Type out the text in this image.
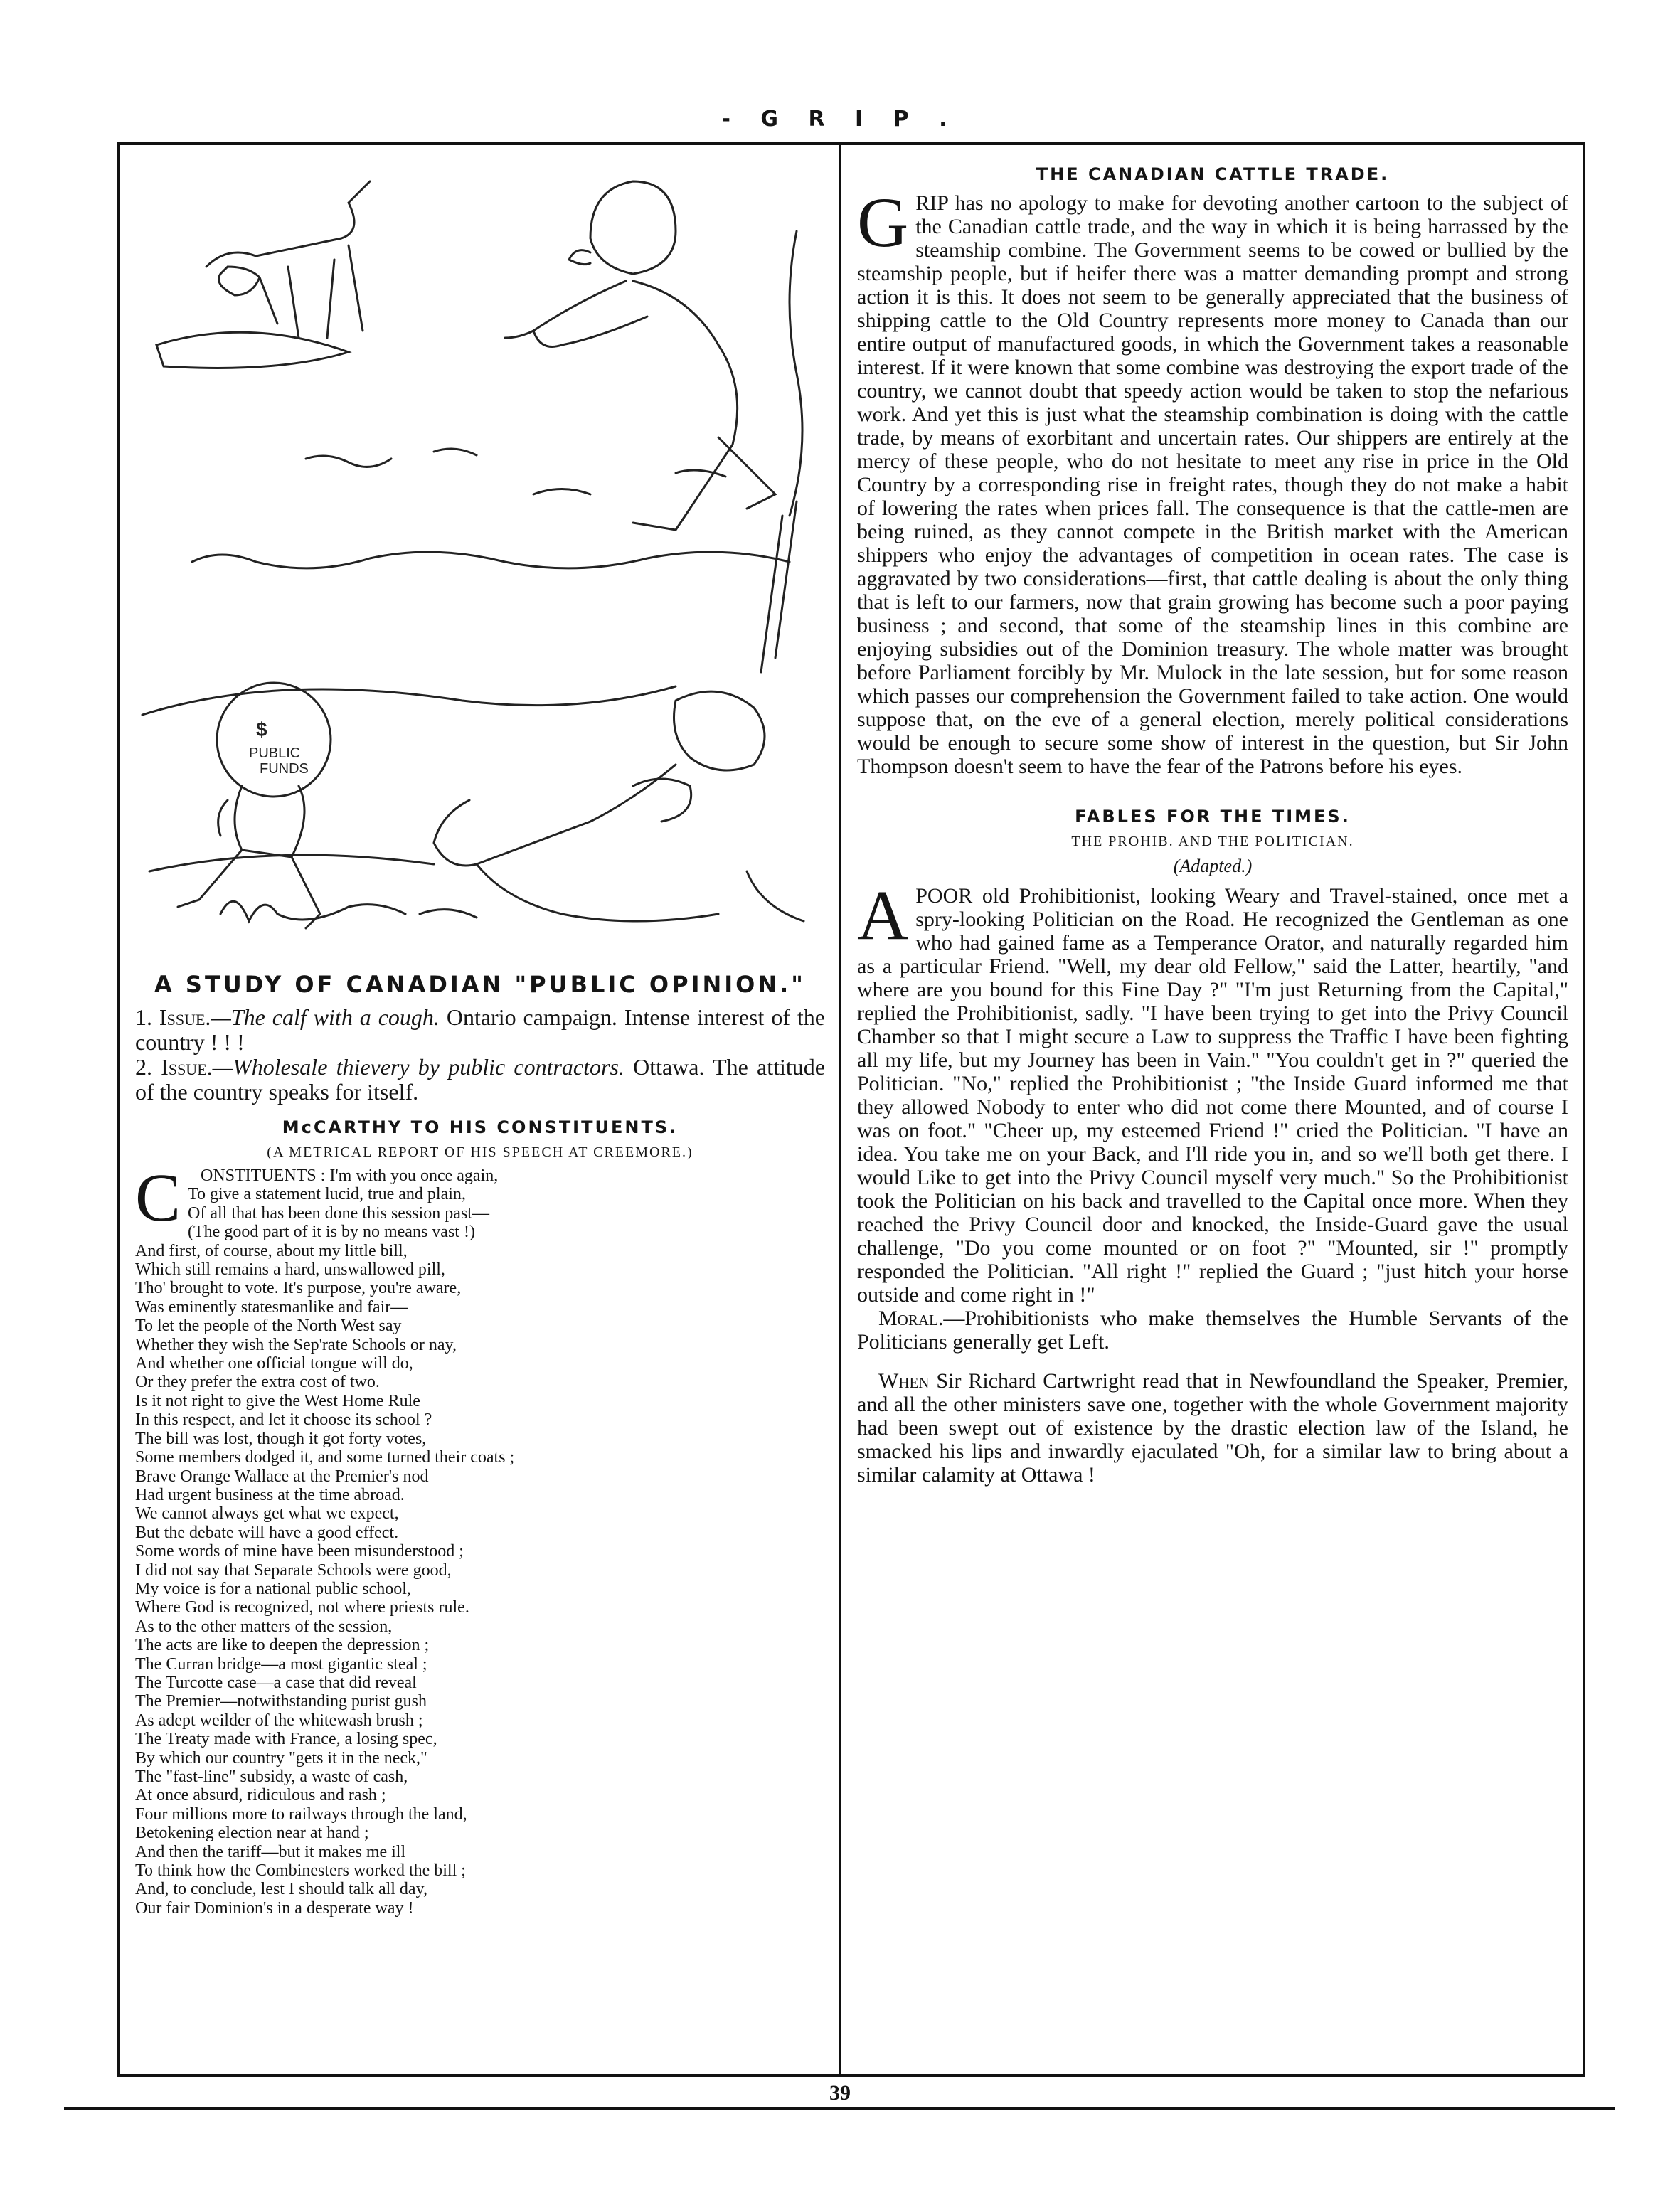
- G R I P .
$
PUBLIC
FUNDS
A STUDY OF CANADIAN "PUBLIC OPINION."

1. Issue.—The calf with a cough. Ontario campaign. Intense interest of the country ! ! !

2. Issue.—Wholesale thievery by public contractors. Ottawa. The attitude of the country speaks for itself.

McCARTHY TO HIS CONSTITUENTS.
(A METRICAL REPORT OF HIS SPEECH AT CREEMORE.)
C	ONSTITUENTS : I'm with you once again,
To give a statement lucid, true and plain,
Of all that has been done this session past—
(The good part of it is by no means vast !)
And first, of course, about my little bill,
Which still remains a hard, unswallowed pill,
Tho' brought to vote. It's purpose, you're aware,
Was eminently statesmanlike and fair—
To let the people of the North West say
Whether they wish the Sep'rate Schools or nay,
And whether one official tongue will do,
Or they prefer the extra cost of two.
Is it not right to give the West Home Rule
In this respect, and let it choose its school ?
The bill was lost, though it got forty votes,
Some members dodged it, and some turned their coats ;
Brave Orange Wallace at the Premier's nod
Had urgent business at the time abroad.
We cannot always get what we expect,
But the debate will have a good effect.
Some words of mine have been misunderstood ;
I did not say that Separate Schools were good,
My voice is for a national public school,
Where God is recognized, not where priests rule.
As to the other matters of the session,
The acts are like to deepen the depression ;
The Curran bridge—a most gigantic steal ;
The Turcotte case—a case that did reveal
The Premier—notwithstanding purist gush
As adept weilder of the whitewash brush ;
The Treaty made with France, a losing spec,
By which our country "gets it in the neck,"
The "fast-line" subsidy, a waste of cash,
At once absurd, ridiculous and rash ;
Four millions more to railways through the land,
Betokening election near at hand ;
And then the tariff—but it makes me ill
To think how the Combinesters worked the bill ;
And, to conclude, lest I should talk all day,
Our fair Dominion's in a desperate way !
THE CANADIAN CATTLE TRADE.

GRIP has no apology to make for devoting another cartoon to the subject of the Canadian cattle trade, and the way in which it is being harrassed by the steamship combine. The Government seems to be cowed or bullied by the steamship people, but if heifer there was a matter demanding prompt and strong action it is this. It does not seem to be generally appreciated that the business of shipping cattle to the Old Country represents more money to Canada than our entire output of manufactured goods, in which the Government takes a reasonable interest. If it were known that some combine was destroying the export trade of the country, we cannot doubt that speedy action would be taken to stop the nefarious work. And yet this is just what the steamship combination is doing with the cattle trade, by means of exorbitant and uncertain rates. Our shippers are entirely at the mercy of these people, who do not hesitate to meet any rise in price in the Old Country by a corresponding rise in freight rates, though they do not make a habit of lowering the rates when prices fall. The consequence is that the cattle-men are being ruined, as they cannot compete in the British market with the American shippers who enjoy the advantages of competition in ocean rates. The case is aggravated by two considerations—first, that cattle dealing is about the only thing that is left to our farmers, now that grain growing has become such a poor paying business ; and second, that some of the steamship lines in this combine are enjoying subsidies out of the Dominion treasury. The whole matter was brought before Parliament forcibly by Mr. Mulock in the late session, but for some reason which passes our comprehension the Government failed to take action. One would suppose that, on the eve of a general election, merely political considerations would be enough to secure some show of interest in the question, but Sir John Thompson doesn't seem to have the fear of the Patrons before his eyes.

FABLES FOR THE TIMES.
THE PROHIB. AND THE POLITICIAN.
(Adapted.)

APOOR old Prohibitionist, looking Weary and Travel-stained, once met a spry-looking Politician on the Road. He recognized the Gentleman as one who had gained fame as a Temperance Orator, and naturally regarded him as a particular Friend. "Well, my dear old Fellow," said the Latter, heartily, "and where are you bound for this Fine Day ?" "I'm just Returning from the Capital," replied the Prohibitionist, sadly. "I have been trying to get into the Privy Council Chamber so that I might secure a Law to suppress the Traffic I have been fighting all my life, but my Journey has been in Vain." "You couldn't get in ?" queried the Politician. "No," replied the Prohibitionist ; "the Inside Guard informed me that they allowed Nobody to enter who did not come there Mounted, and of course I was on foot." "Cheer up, my esteemed Friend !" cried the Politician. "I have an idea. You take me on your Back, and I'll ride you in, and so we'll both get there. I would Like to get into the Privy Council myself very much." So the Prohibitionist took the Politician on his back and travelled to the Capital once more. When they reached the Privy Council door and knocked, the Inside-Guard gave the usual challenge, "Do you come mounted or on foot ?" "Mounted, sir !" promptly responded the Politician. "All right !" replied the Guard ; "just hitch your horse outside and come right in !"

Moral.—Prohibitionists who make themselves the Humble Servants of the Politicians generally get Left.

When Sir Richard Cartwright read that in Newfoundland the Speaker, Premier, and all the other ministers save one, together with the whole Government majority had been swept out of existence by the drastic election law of the Island, he smacked his lips and inwardly ejaculated "Oh, for a similar law to bring about a similar calamity at Ottawa !

39
